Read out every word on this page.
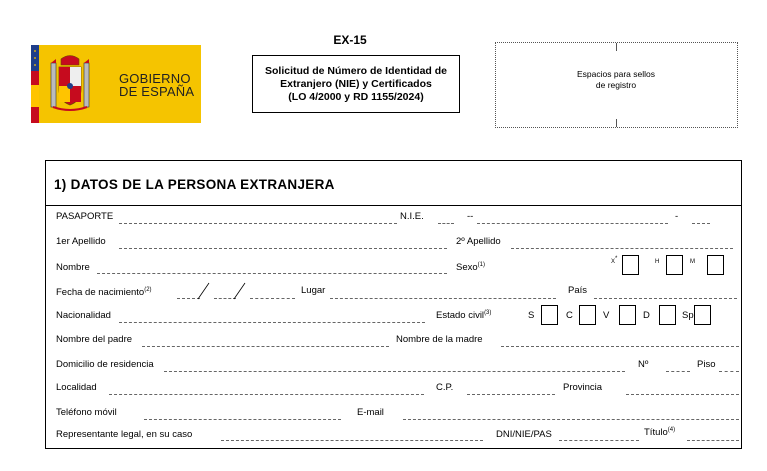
GOBIERNO
DE ESPAÑA
EX-15
Solicitud de Número de Identidad de
Extranjero (NIE) y Certificados
(LO 4/2000 y RD 1155/2024)
Espacios para sellos
de registro
1) DATOS DE LA PERSONA EXTRANJERA
PASAPORTE	N.I.E.	--	-
1er Apellido	2º Apellido
Nombre	Sexo$^{(1)}$	X*	H	M
Fecha de nacimiento$^{(2)}$	Lugar	País
Nacionalidad	Estado civil$^{(3)}$	S	C	V	D	Sp
Nombre del padre	Nombre de la madre
Domicilio de residencia	Nº	Piso
Localidad	C.P.	Provincia
Teléfono móvil	E-mail
Representante legal, en su caso	DNI/NIE/PAS	Título$^{(4)}$
